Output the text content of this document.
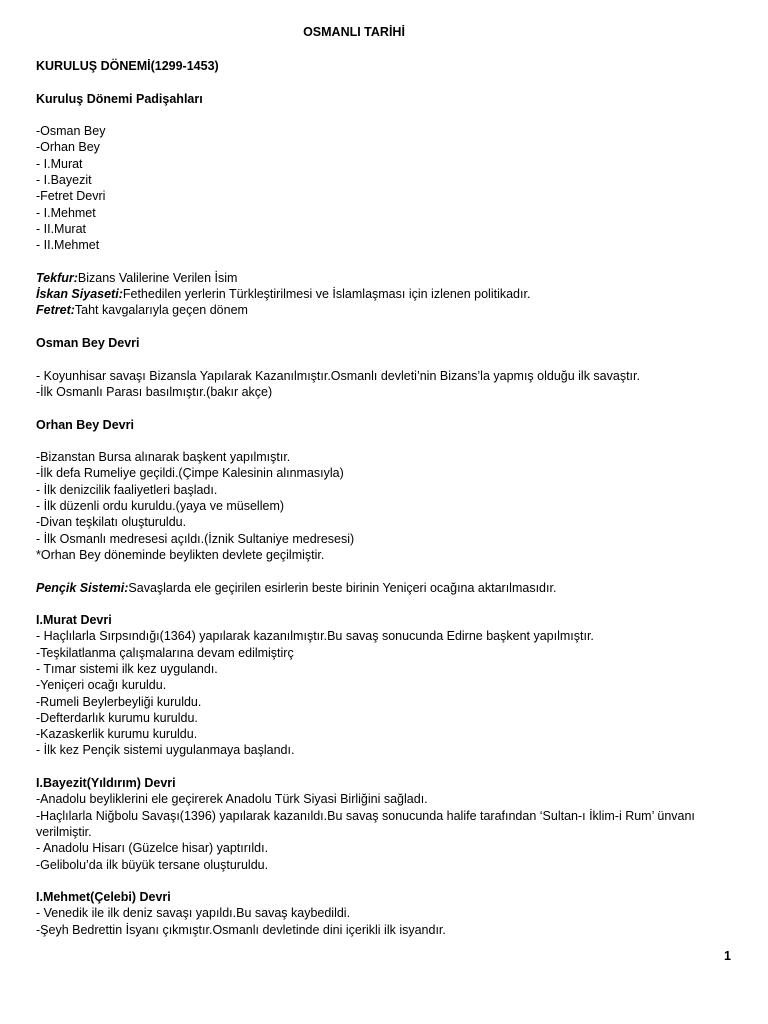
OSMANLI TARİHİ
KURULUŞ DÖNEMİ(1299-1453)
Kuruluş Dönemi Padişahları
-Osman Bey
-Orhan Bey
- I.Murat
- I.Bayezit
-Fetret Devri
- I.Mehmet
- II.Murat
- II.Mehmet
Tekfur:Bizans Valilerine Verilen İsim
İskan Siyaseti:Fethedilen yerlerin Türkleştirilmesi ve İslamlaşması için izlenen politikadır.
Fetret:Taht kavgalarıyla geçen dönem
Osman Bey Devri
- Koyunhisar savaşı Bizansla Yapılarak Kazanılmıştır.Osmanlı devleti’nin Bizans’la yapmış olduğu ilk savaştır.
-İlk Osmanlı Parası basılmıştır.(bakır akçe)
Orhan Bey Devri
-Bizanstan Bursa alınarak başkent yapılmıştır.
-İlk defa Rumeliye geçildi.(Çimpe Kalesinin alınmasıyla)
- İlk denizcilik faaliyetleri başladı.
- İlk düzenli ordu kuruldu.(yaya ve müsellem)
-Divan teşkilatı oluşturuldu.
- İlk Osmanlı medresesi açıldı.(İznik Sultaniye medresesi)
*Orhan Bey döneminde beylikten devlete geçilmiştir.
Pençik Sistemi:Savaşlarda ele geçirilen esirlerin beste birinin Yeniçeri ocağına aktarılmasıdır.
I.Murat Devri
- Haçlılarla Sırpsındığı(1364) yapılarak kazanılmıştır.Bu savaş sonucunda Edirne başkent yapılmıştır.
-Teşkilatlanma çalışmalarına devam edilmiştirç
- Tımar sistemi ilk kez uygulandı.
-Yeniçeri ocağı kuruldu.
-Rumeli Beylerbeyliği kuruldu.
-Defterdarlık kurumu kuruldu.
-Kazaskerlik kurumu kuruldu.
- İlk kez Pençik sistemi uygulanmaya başlandı.
I.Bayezit(Yıldırım) Devri
-Anadolu beyliklerini ele geçirerek Anadolu Türk Siyasi Birliğini sağladı.
-Haçlılarla Niğbolu Savaşı(1396) yapılarak kazanıldı.Bu savaş sonucunda halife tarafından ‘Sultan-ı İklim-i Rum’ ünvanı verilmiştir.
- Anadolu Hisarı (Güzelce hisar) yaptırıldı.
-Gelibolu’da ilk büyük tersane oluşturuldu.
I.Mehmet(Çelebi) Devri
- Venedik ile ilk deniz savaşı yapıldı.Bu savaş kaybedildi.
-Şeyh Bedrettin İsyanı çıkmıştır.Osmanlı devletinde dini içerikli ilk isyandır.
1
